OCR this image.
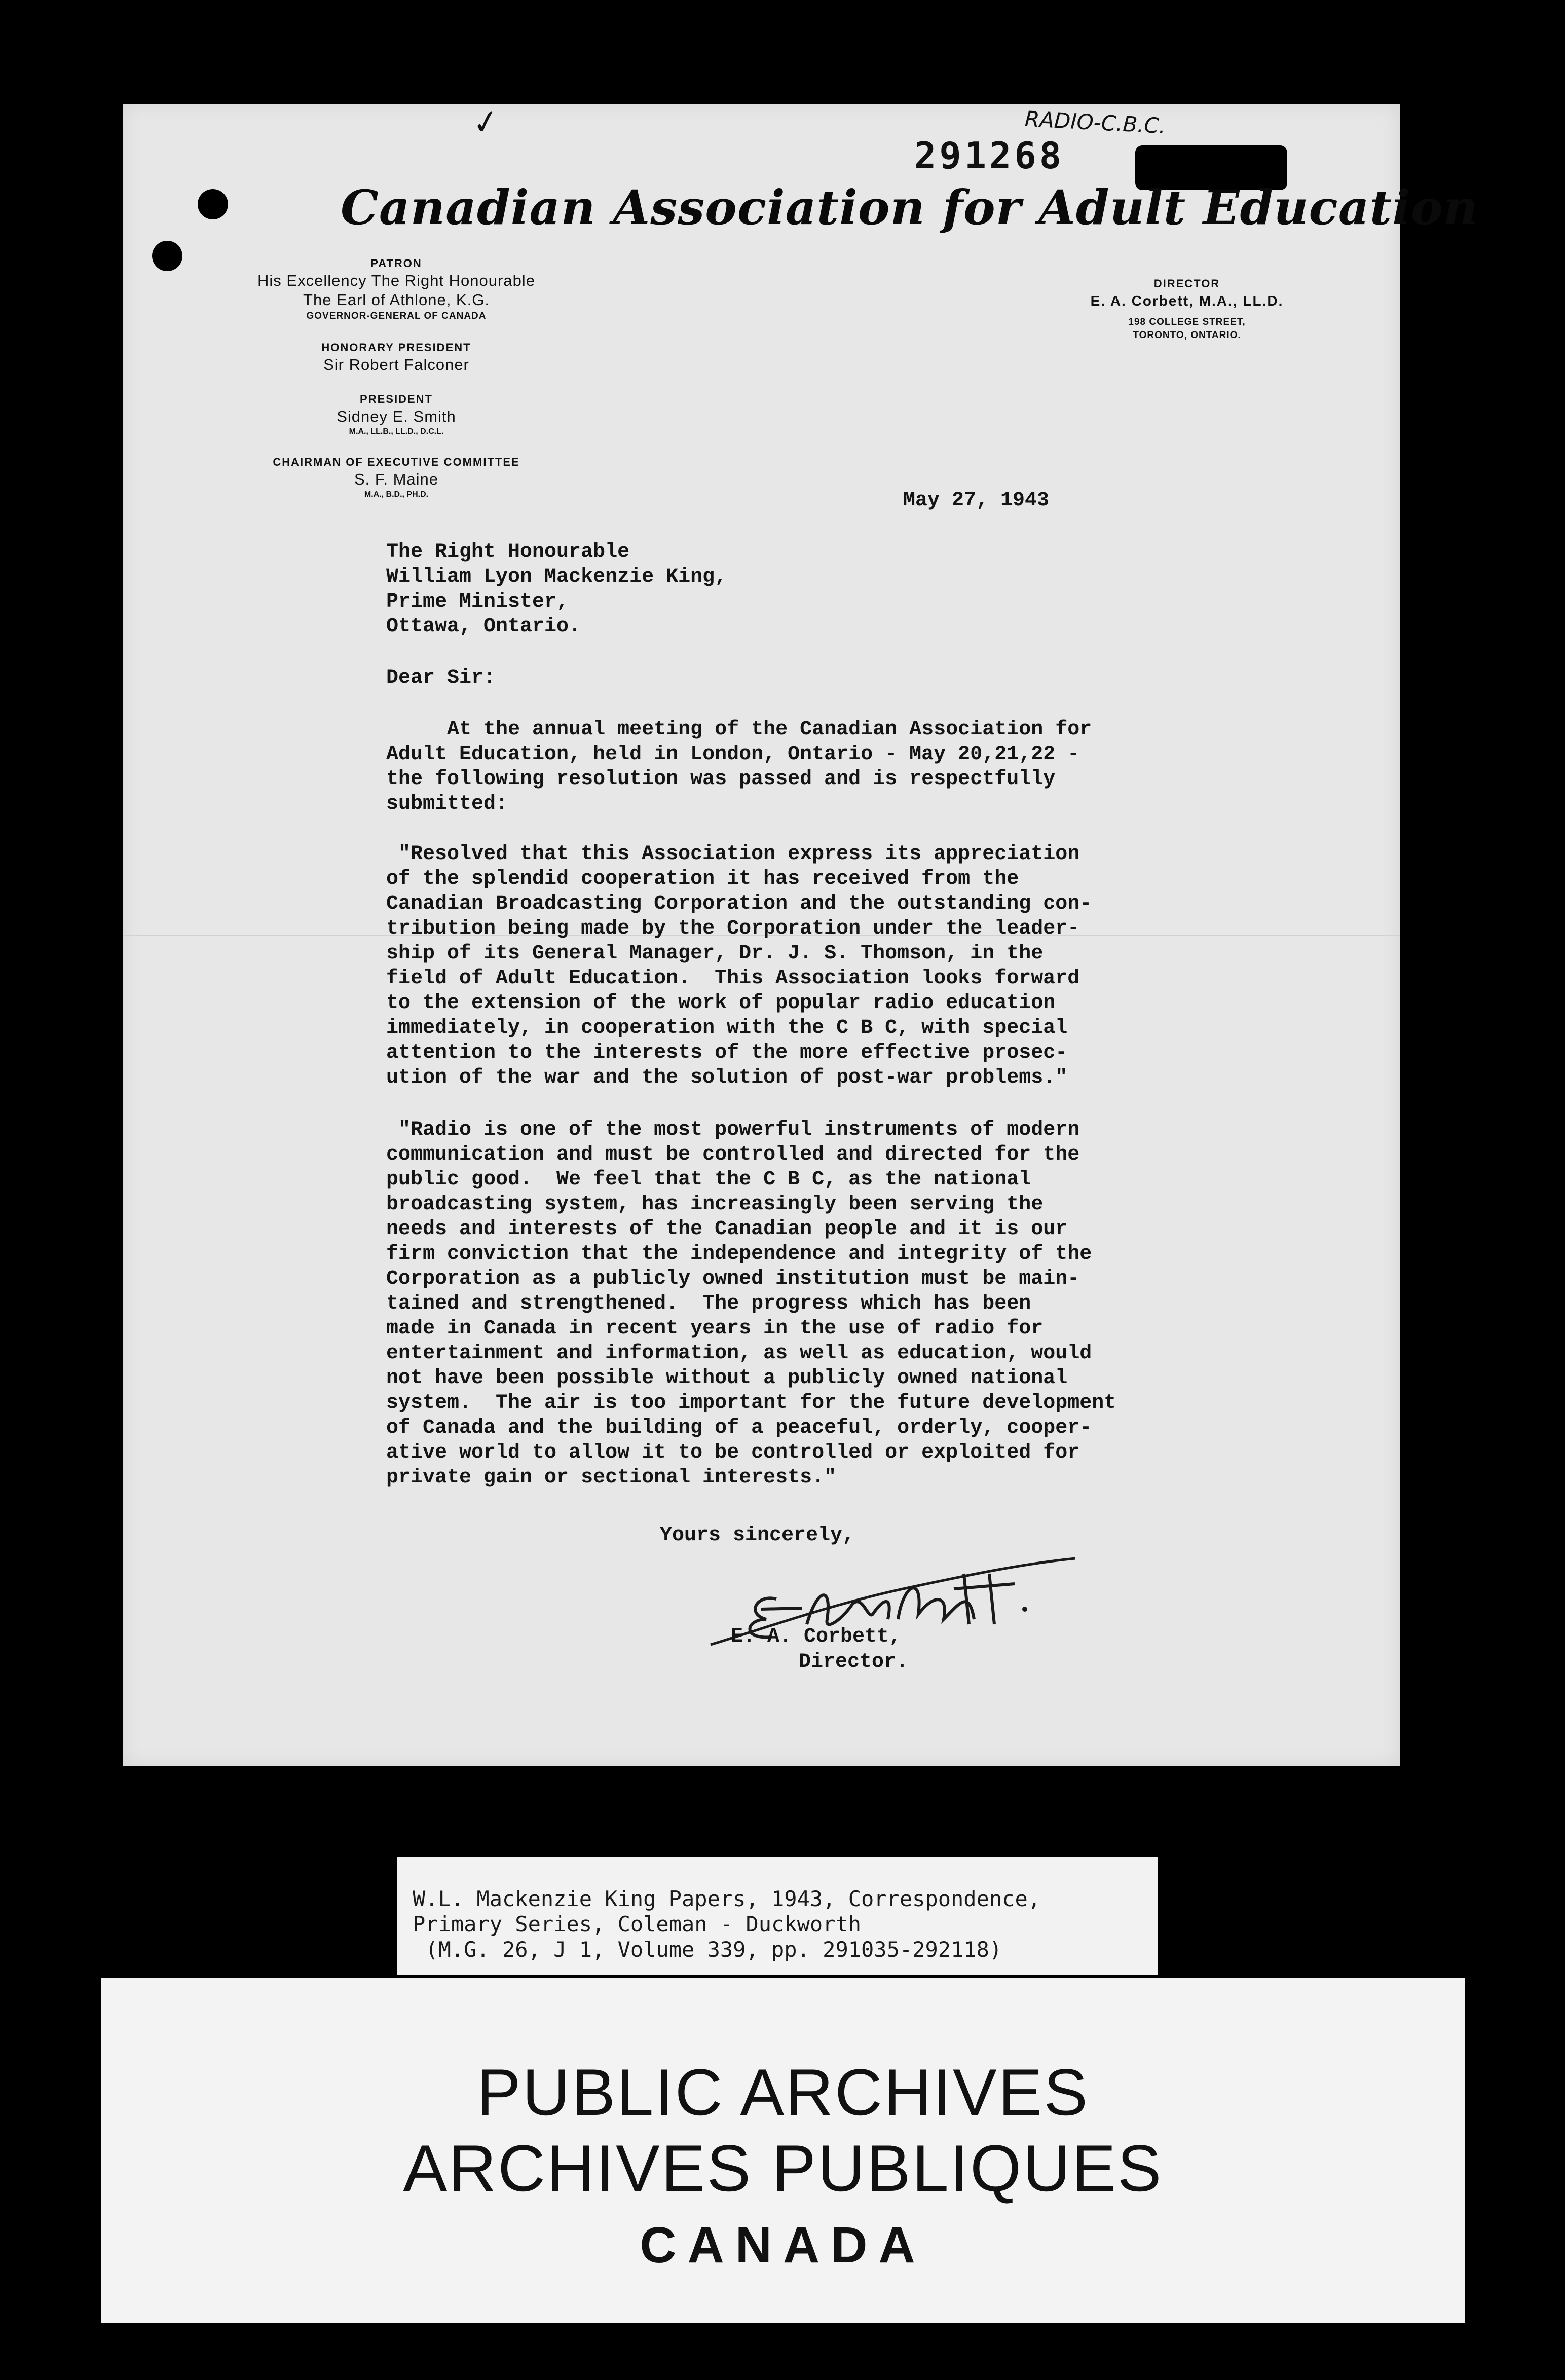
✓	RADIO-C.B.C.
291268
Canadian Association for Adult Education
PATRON
His Excellency The Right Honourable
The Earl of Athlone, K.G.
GOVERNOR-GENERAL OF CANADA
HONORARY PRESIDENT
Sir Robert Falconer
PRESIDENT
Sidney E. Smith
M.A., LL.B., LL.D., D.C.L.
CHAIRMAN OF EXECUTIVE COMMITTEE
S. F. Maine
M.A., B.D., PH.D.
DIRECTOR
E. A. Corbett, M.A., LL.D.
198 COLLEGE STREET,
TORONTO, ONTARIO.
May 27, 1943
The Right Honourable
William Lyon Mackenzie King,
Prime Minister,
Ottawa, Ontario.
Dear Sir:
At the annual meeting of the Canadian Association for
Adult Education, held in London, Ontario - May 20,21,22 -
the following resolution was passed and is respectfully
submitted:
"Resolved that this Association express its appreciation
of the splendid cooperation it has received from the
Canadian Broadcasting Corporation and the outstanding con-
tribution being made by the Corporation under the leader-
ship of its General Manager, Dr. J. S. Thomson, in the
field of Adult Education.  This Association looks forward
to the extension of the work of popular radio education
immediately, in cooperation with the C B C, with special
attention to the interests of the more effective prosec-
ution of the war and the solution of post-war problems."
"Radio is one of the most powerful instruments of modern
communication and must be controlled and directed for the
public good.  We feel that the C B C, as the national
broadcasting system, has increasingly been serving the
needs and interests of the Canadian people and it is our
firm conviction that the independence and integrity of the
Corporation as a publicly owned institution must be main-
tained and strengthened.  The progress which has been
made in Canada in recent years in the use of radio for
entertainment and information, as well as education, would
not have been possible without a publicly owned national
system.  The air is too important for the future development
of Canada and the building of a peaceful, orderly, cooper-
ative world to allow it to be controlled or exploited for
private gain or sectional interests."
Yours sincerely,
E. A. Corbett,
Director.
W.L. Mackenzie King Papers, 1943, Correspondence,
Primary Series, Coleman - Duckworth
(M.G. 26, J 1, Volume 339, pp. 291035-292118)
PUBLIC ARCHIVES
ARCHIVES PUBLIQUES
CANADA
